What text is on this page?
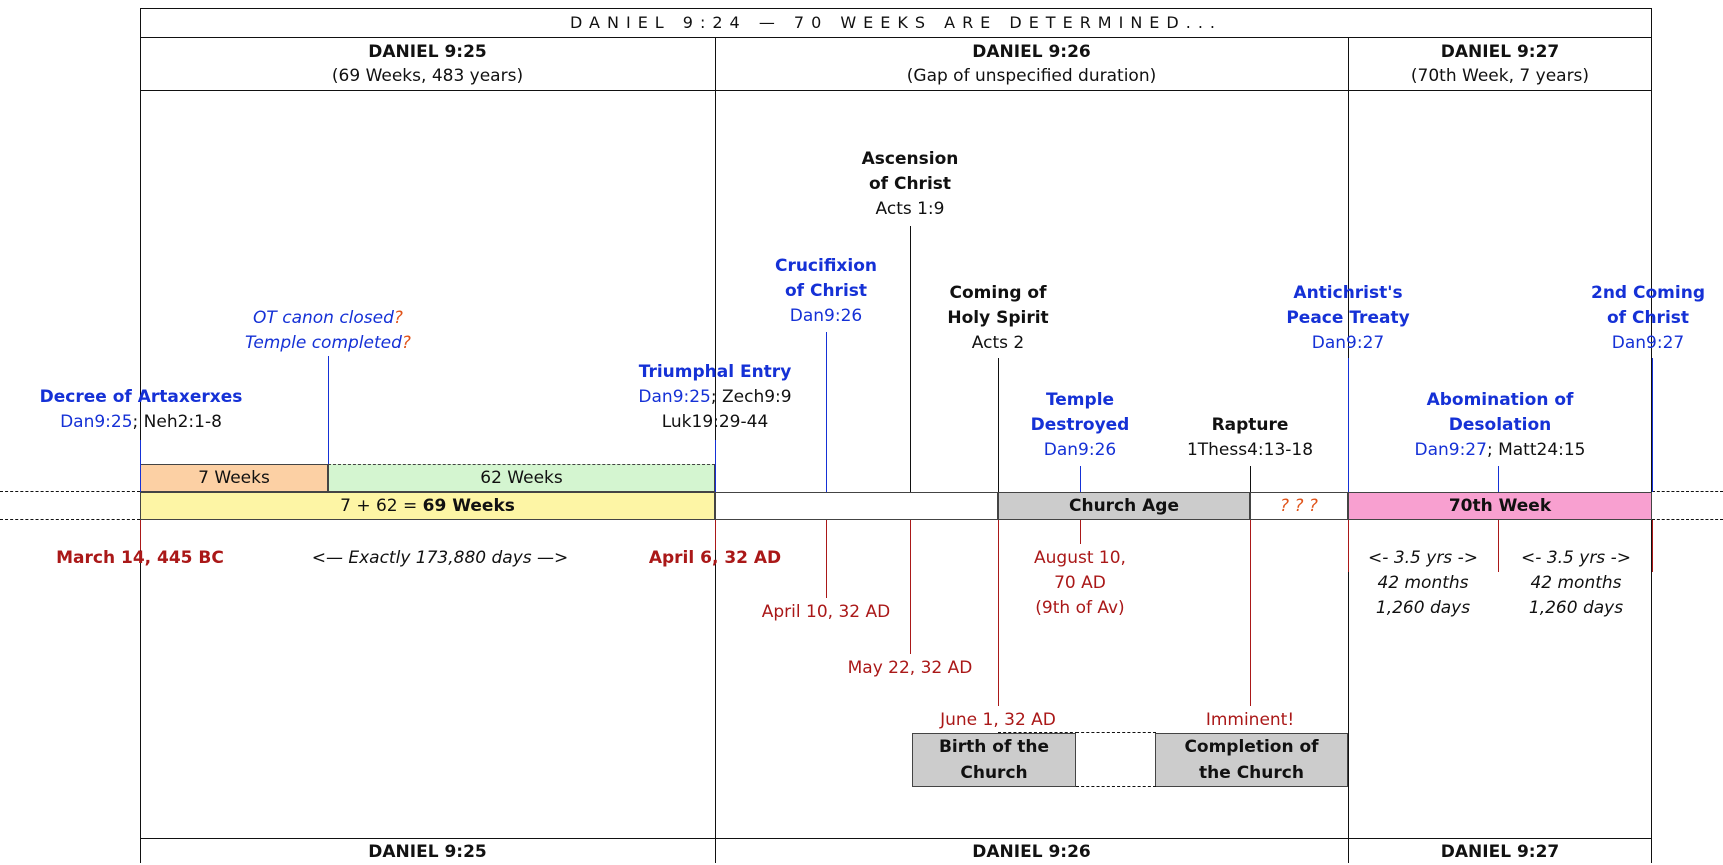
DANIEL 9:24 — 70 WEEKS ARE DETERMINED...
DANIEL 9:25
(69 Weeks, 483 years)
DANIEL 9:26
(Gap of unspecified duration)
DANIEL 9:27
(70th Week, 7 years)
DANIEL 9:25	DANIEL 9:26	DANIEL 9:27
7 Weeks	62 Weeks
7 + 62 = 69 Weeks	Church Age	? ? ?	70th Week
Decree of Artaxerxes
Dan9:25; Neh2:1-8
OT canon closed?
Temple completed?
Triumphal Entry
Dan9:25; Zech9:9
Luk19:29-44
Crucifixion
of Christ
Dan9:26
Ascension
of Christ
Acts 1:9
Coming of
Holy Spirit
Acts 2
Temple
Destroyed
Dan9:26
Rapture
1Thess4:13-18
Antichrist's
Peace Treaty
Dan9:27
Abomination of
Desolation
Dan9:27; Matt24:15
2nd Coming
of Christ
Dan9:27
March 14, 445 BC	<— Exactly 173,880 days —>	April 6, 32 AD
April 10, 32 AD
May 22, 32 AD
June 1, 32 AD
August 10,
70 AD
(9th of Av)
Imminent!
<- 3.5 yrs ->
42 months
1,260 days
<- 3.5 yrs ->
42 months
1,260 days
Birth of the
Church
Completion of
the Church
